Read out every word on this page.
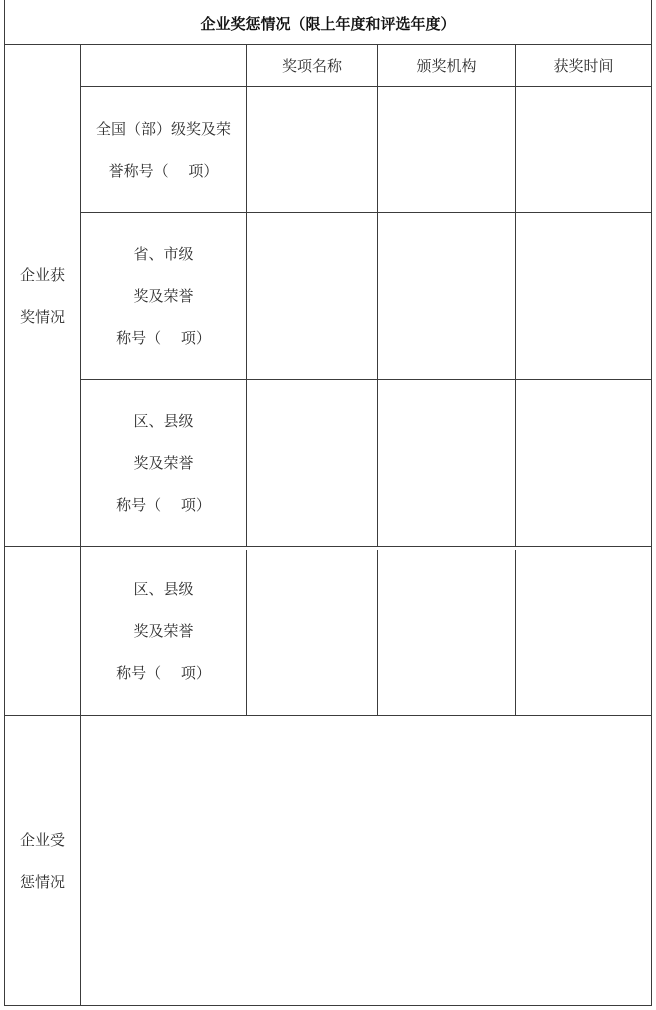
企业奖惩情况（限上年度和评选年度）
奖项名称	颁奖机构	获奖时间
企业获
奖情况
全国（部）级奖及荣
誉称号（　 项）
省、市级
奖及荣誉
称号（　 项）
区、县级
奖及荣誉
称号（　 项）
区、县级
奖及荣誉
称号（　 项）
企业受
惩情况
